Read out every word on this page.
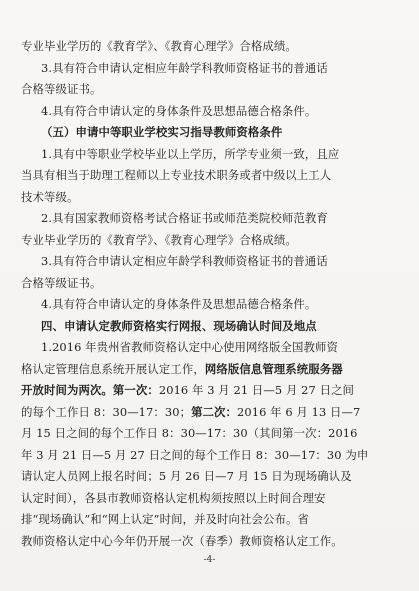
专业毕业学历的《教育学》、《教育心理学》合格成绩。
3.具有符合申请认定相应年龄学科教师资格证书的普通话
合格等级证书。
4.具有符合申请认定的身体条件及思想品德合格条件。
（五）申请中等职业学校实习指导教师资格条件
1.具有中等职业学校毕业以上学历，所学专业须一致，且应
当具有相当于助理工程师以上专业技术职务或者中级以上工人
技术等级。
2.具有国家教师资格考试合格证书或师范类院校师范教育
专业毕业学历的《教育学》、《教育心理学》合格成绩。
3.具有符合申请认定相应年龄学科教师资格证书的普通话
合格等级证书。
4.具有符合申请认定的身体条件及思想品德合格条件。
四、申请认定教师资格实行网报、现场确认时间及地点
1.2016 年贵州省教师资格认定中心使用网络版全国教师资
格认定管理信息系统开展认定工作，网络版信息管理系统服务器
开放时间为两次。第一次：2016 年 3 月 21 日—5 月 27 日之间
的每个工作日 8：30—17：30；第二次：2016 年 6 月 13 日—7
月 15 日之间的每个工作日 8：30—17：30（其间第一次：2016
年 3 月 21 日—5 月 27 日之间的每个工作日 8：30—17：30 为申
请认定人员网上报名时间；5 月 26 日—7 月 15 日为现场确认及
认定时间），各县市教师资格认定机构须按照以上时间合理安
排“现场确认”和“网上认定”时间，并及时向社会公布。省
教师资格认定中心今年仍开展一次（春季）教师资格认定工作。
-4-
